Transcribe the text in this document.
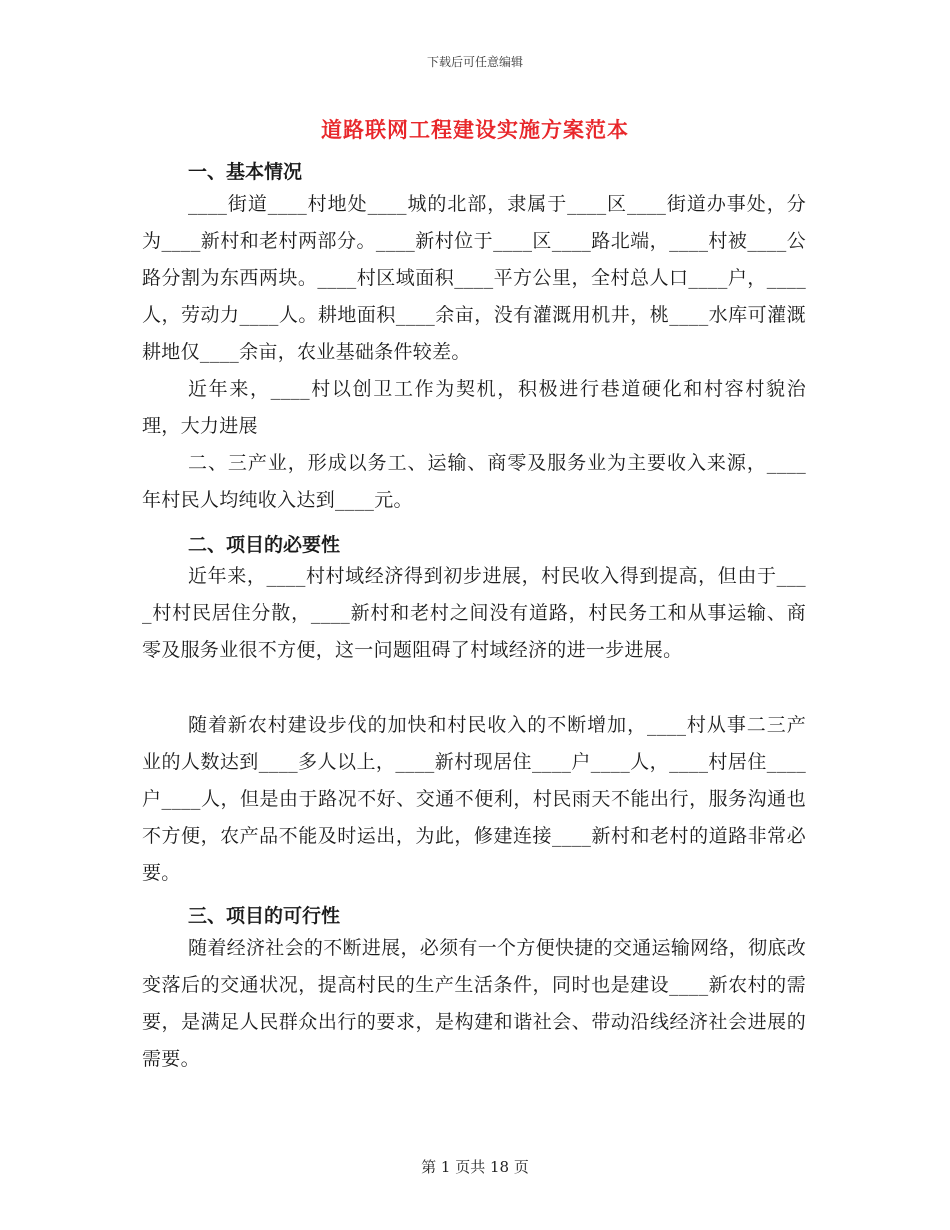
下载后可任意编辑
道路联网工程建设实施方案范本
一、基本情况
____街道____村地处____城的北部，隶属于____区____街道办事处，分为____新村和老村两部分。____新村位于____区____路北端，____村被____公路分割为东西两块。____村区域面积____平方公里，全村总人口____户，____人，劳动力____人。耕地面积____余亩，没有灌溉用机井，桃____水库可灌溉耕地仅____余亩，农业基础条件较差。
近年来，____村以创卫工作为契机，积极进行巷道硬化和村容村貌治理，大力进展
二、三产业，形成以务工、运输、商零及服务业为主要收入来源，____年村民人均纯收入达到____元。
二、项目的必要性
近年来，____村村域经济得到初步进展，村民收入得到提高，但由于____村村民居住分散，____新村和老村之间没有道路，村民务工和从事运输、商零及服务业很不方便，这一问题阻碍了村域经济的进一步进展。
随着新农村建设步伐的加快和村民收入的不断增加，____村从事二三产业的人数达到____多人以上，____新村现居住____户____人，____村居住____户____人，但是由于路况不好、交通不便利，村民雨天不能出行，服务沟通也不方便，农产品不能及时运出，为此，修建连接____新村和老村的道路非常必要。
三、项目的可行性
随着经济社会的不断进展，必须有一个方便快捷的交通运输网络，彻底改变落后的交通状况，提高村民的生产生活条件，同时也是建设____新农村的需要，是满足人民群众出行的要求，是构建和谐社会、带动沿线经济社会进展的需要。
第 1 页共 18 页
